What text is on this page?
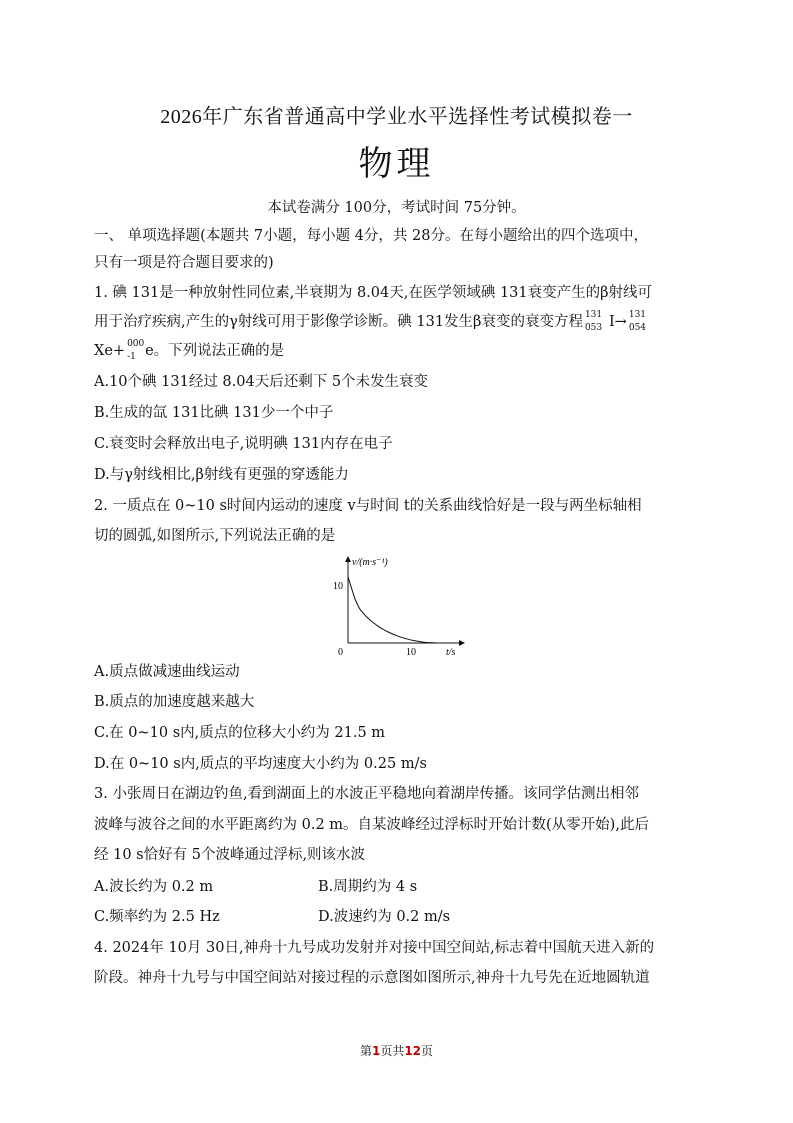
2026年广东省普通高中学业水平选择性考试模拟卷一
物理
本试卷满分 100分，考试时间 75分钟。
一、 单项选择题(本题共 7小题，每小题 4分，共 28分。在每小题给出的四个选项中，
只有一项是符合题目要求的)
1. 碘 131是一种放射性同位素,半衰期为 8.04天,在医学领域碘 131衰变产生的β射线可
用于治疗疾病,产生的γ射线可用于影像学诊断。碘 131发生β衰变的衰变方程 131
053 I→ 131
054
Xe+ 000
-1 e。下列说法正确的是
A.10个碘 131经过 8.04天后还剩下 5个未发生衰变
B.生成的氙 131比碘 131少一个中子
C.衰变时会释放出电子,说明碘 131内存在电子
D.与γ射线相比,β射线有更强的穿透能力
2. 一质点在 0~10 s时间内运动的速度 v与时间 t的关系曲线恰好是一段与两坐标轴相
切的圆弧,如图所示,下列说法正确的是
v/(m·s⁻¹)
t/s
0
10
10
A.质点做减速曲线运动
B.质点的加速度越来越大
C.在 0~10 s内,质点的位移大小约为 21.5 m
D.在 0~10 s内,质点的平均速度大小约为 0.25 m/s
3. 小张周日在湖边钓鱼,看到湖面上的水波正平稳地向着湖岸传播。该同学估测出相邻
波峰与波谷之间的水平距离约为 0.2 m。自某波峰经过浮标时开始计数(从零开始),此后
经 10 s恰好有 5个波峰通过浮标,则该水波
A.波长约为 0.2 m	B.周期约为 4 s
C.频率约为 2.5 Hz	D.波速约为 0.2 m/s
4. 2024年 10月 30日,神舟十九号成功发射并对接中国空间站,标志着中国航天进入新的
阶段。神舟十九号与中国空间站对接过程的示意图如图所示,神舟十九号先在近地圆轨道
第1页共12页
